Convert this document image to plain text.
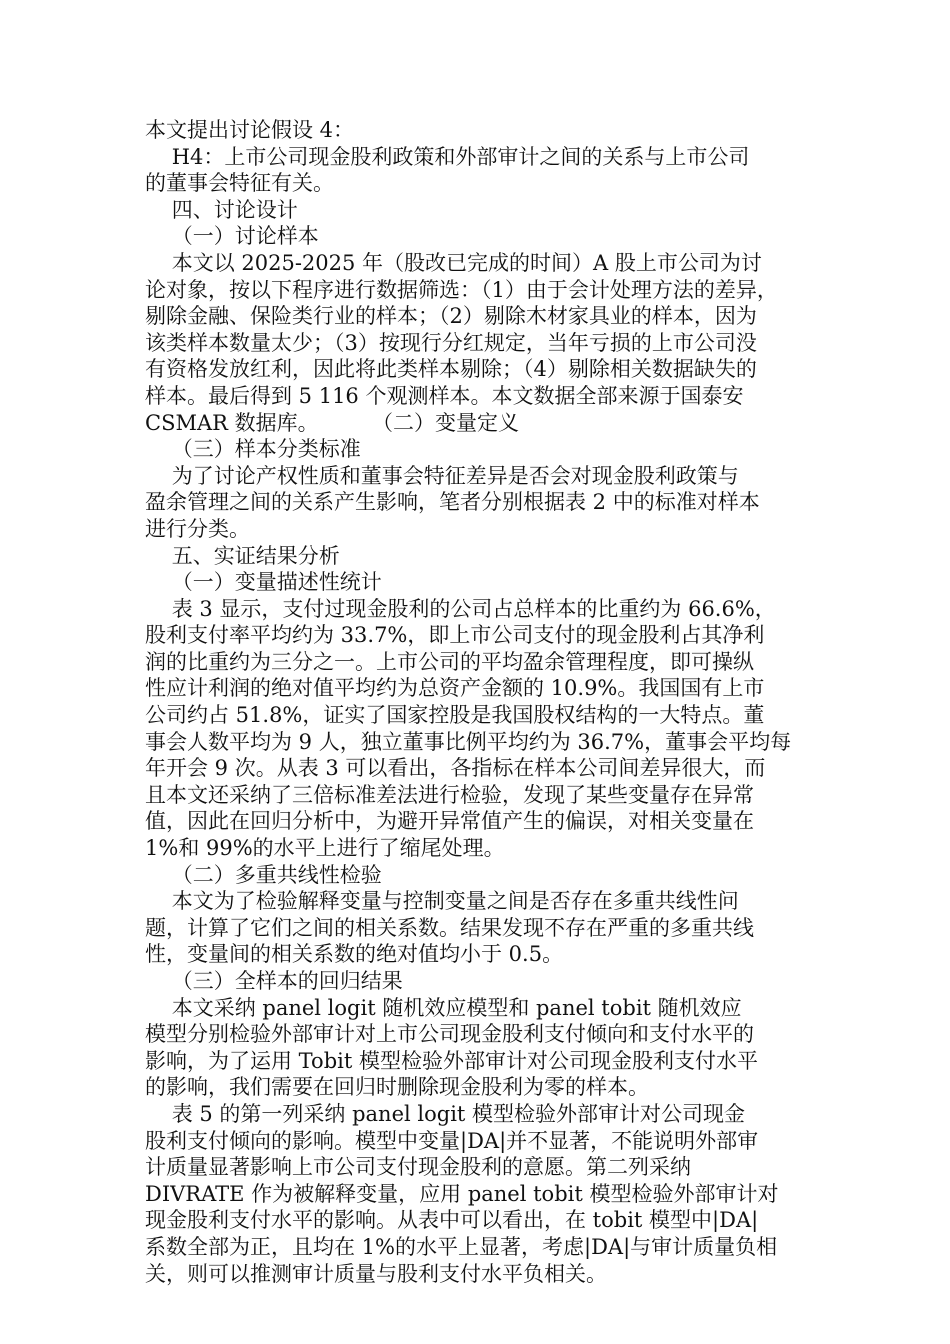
本文提出讨论假设 4：
H4：上市公司现金股利政策和外部审计之间的关系与上市公司
的董事会特征有关。
四、讨论设计
（一）讨论样本
本文以 2025-2025 年（股改已完成的时间）A 股上市公司为讨
论对象，按以下程序进行数据筛选：（1）由于会计处理方法的差异，
剔除金融、保险类行业的样本；（2）剔除木材家具业的样本，因为
该类样本数量太少；（3）按现行分红规定，当年亏损的上市公司没
有资格发放红利，因此将此类样本剔除；（4）剔除相关数据缺失的
样本。最后得到 5 116 个观测样本。本文数据全部来源于国泰安
CSMAR 数据库。        （二）变量定义
（三）样本分类标准
为了讨论产权性质和董事会特征差异是否会对现金股利政策与
盈余管理之间的关系产生影响，笔者分别根据表 2 中的标准对样本
进行分类。
五、实证结果分析
（一）变量描述性统计
表 3 显示，支付过现金股利的公司占总样本的比重约为 66.6%，
股利支付率平均约为 33.7%，即上市公司支付的现金股利占其净利
润的比重约为三分之一。上市公司的平均盈余管理程度，即可操纵
性应计利润的绝对值平均约为总资产金额的 10.9%。我国国有上市
公司约占 51.8%，证实了国家控股是我国股权结构的一大特点。董
事会人数平均为 9 人，独立董事比例平均约为 36.7%，董事会平均每
年开会 9 次。从表 3 可以看出，各指标在样本公司间差异很大，而
且本文还采纳了三倍标准差法进行检验，发现了某些变量存在异常
值，因此在回归分析中，为避开异常值产生的偏误，对相关变量在
1%和 99%的水平上进行了缩尾处理。
（二）多重共线性检验
本文为了检验解释变量与控制变量之间是否存在多重共线性问
题，计算了它们之间的相关系数。结果发现不存在严重的多重共线
性，变量间的相关系数的绝对值均小于 0.5。
（三）全样本的回归结果
本文采纳 panel logit 随机效应模型和 panel tobit 随机效应
模型分别检验外部审计对上市公司现金股利支付倾向和支付水平的
影响，为了运用 Tobit 模型检验外部审计对公司现金股利支付水平
的影响，我们需要在回归时删除现金股利为零的样本。
表 5 的第一列采纳 panel logit 模型检验外部审计对公司现金
股利支付倾向的影响。模型中变量|DA|并不显著，不能说明外部审
计质量显著影响上市公司支付现金股利的意愿。第二列采纳
DIVRATE 作为被解释变量，应用 panel tobit 模型检验外部审计对
现金股利支付水平的影响。从表中可以看出，在 tobit 模型中|DA|
系数全部为正，且均在 1%的水平上显著，考虑|DA|与审计质量负相
关，则可以推测审计质量与股利支付水平负相关。
